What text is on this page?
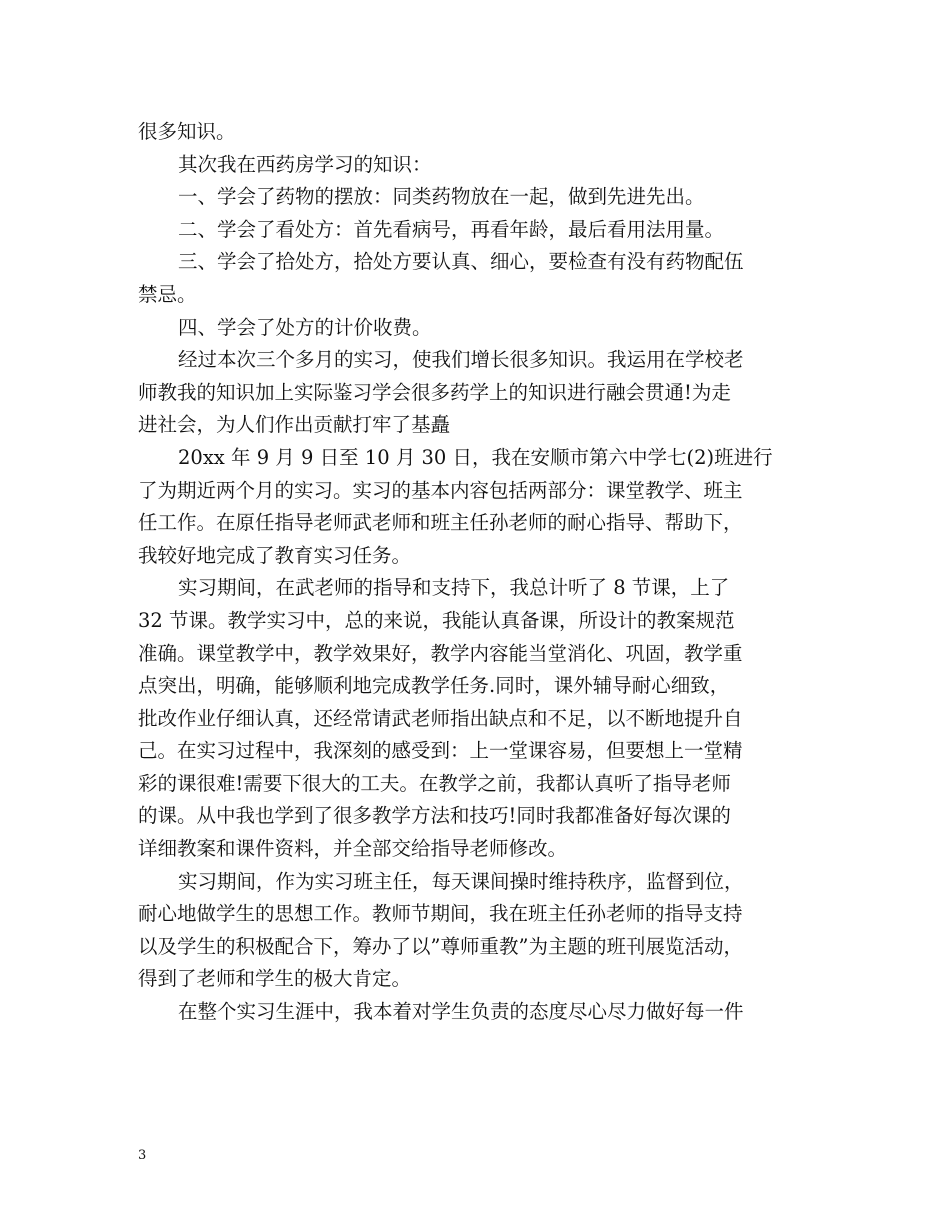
很多知识。
其次我在西药房学习的知识：
一、学会了药物的摆放：同类药物放在一起，做到先进先出。
二、学会了看处方：首先看病号，再看年龄，最后看用法用量。
三、学会了拾处方，拾处方要认真、细心，要检查有没有药物配伍
禁忌。
四、学会了处方的计价收费。
经过本次三个多月的实习，使我们增长很多知识。我运用在学校老
师教我的知识加上实际鉴习学会很多药学上的知识进行融会贯通!为走
进社会，为人们作出贡献打牢了基矗
20xx 年 9 月 9 日至 10 月 30 日，我在安顺市第六中学七(2)班进行
了为期近两个月的实习。实习的基本内容包括两部分：课堂教学、班主
任工作。在原任指导老师武老师和班主任孙老师的耐心指导、帮助下，
我较好地完成了教育实习任务。
实习期间，在武老师的指导和支持下，我总计听了 8 节课，上了
32 节课。教学实习中，总的来说，我能认真备课，所设计的教案规范
准确。课堂教学中，教学效果好，教学内容能当堂消化、巩固，教学重
点突出，明确，能够顺利地完成教学任务.同时，课外辅导耐心细致，
批改作业仔细认真，还经常请武老师指出缺点和不足，以不断地提升自
己。在实习过程中，我深刻的感受到：上一堂课容易，但要想上一堂精
彩的课很难!需要下很大的工夫。在教学之前，我都认真听了指导老师
的课。从中我也学到了很多教学方法和技巧!同时我都准备好每次课的
详细教案和课件资料，并全部交给指导老师修改。
实习期间，作为实习班主任，每天课间操时维持秩序，监督到位，
耐心地做学生的思想工作。教师节期间，我在班主任孙老师的指导支持
以及学生的积极配合下，筹办了以”尊师重教”为主题的班刊展览活动，
得到了老师和学生的极大肯定。
在整个实习生涯中，我本着对学生负责的态度尽心尽力做好每一件
3
